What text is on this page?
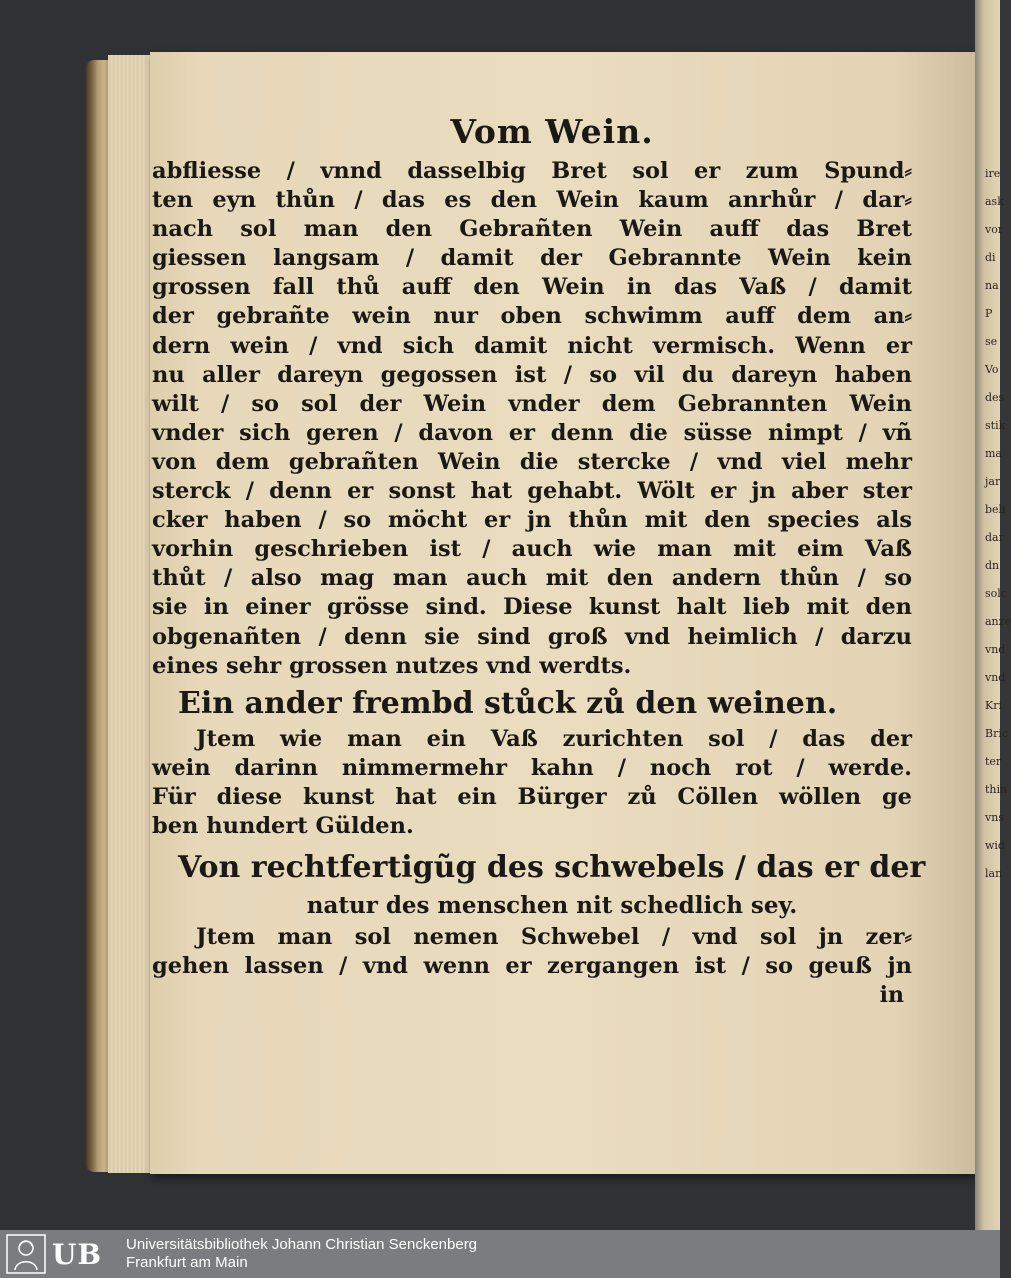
ire
ask
vor
di
na
P
se
Vo
des
stik
ma
jar
beli
dar
dn
solc
anze
vnd
vnd
Kri
Bric
ter
thin
vns
wid
lan
Vom Wein.
abfliesse / vnnd dasselbig Bret sol er zum Spund⸗
ten eyn thůn / das es den Wein kaum anrhůr / dar⸗
nach sol man den Gebrañten Wein auff das Bret
giessen langsam / damit der Gebrannte Wein kein
grossen fall thů auff den Wein in das Vaß / damit
der gebrañte wein nur oben schwimm auff dem an⸗
dern wein / vnd sich damit nicht vermisch. Wenn er
nu aller dareyn gegossen ist / so vil du dareyn haben
wilt / so sol der Wein vnder dem Gebrannten Wein
vnder sich geren / davon er denn die süsse nimpt / vñ
von dem gebrañten Wein die stercke / vnd viel mehr
sterck / denn er sonst hat gehabt. Wölt er jn aber ster
cker haben / so möcht er jn thůn mit den species als
vorhin geschrieben ist / auch wie man mit eim Vaß
thůt / also mag man auch mit den andern thůn / so
sie in einer grösse sind. Diese kunst halt lieb mit den
obgenañten / denn sie sind groß vnd heimlich / darzu
eines sehr grossen nutzes vnd werdts.
Ein ander frembd stůck zů den weinen.
Jtem wie man ein Vaß zurichten sol / das der
wein darinn nimmermehr kahn / noch rot / werde.
Für diese kunst hat ein Bürger zů Cöllen wöllen ge
ben hundert Gülden.
Von rechtfertigũg des schwebels / das er der
natur des menschen nit schedlich sey.
Jtem man sol nemen Schwebel / vnd sol jn zer⸗
gehen lassen / vnd wenn er zergangen ist / so geuß jn
in
UB Universitätsbibliothek Johann Christian Senckenberg
Frankfurt am Main
